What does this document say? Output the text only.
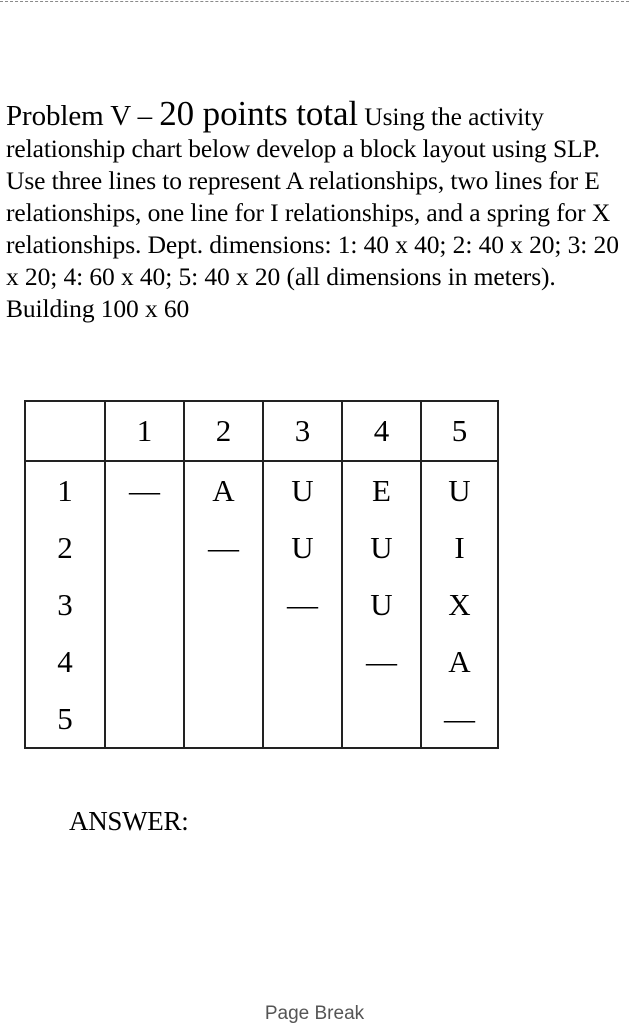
Problem V – 20 points total Using the activity relationship chart below develop a block layout using SLP. Use three lines to represent A relationships, two lines for E relationships, one line for I relationships, and a spring for X relationships. Dept. dimensions: 1: 40 x 40; 2: 40 x 20; 3: 20 x 20; 4: 60 x 40; 5: 40 x 20 (all dimensions in meters). Building 100 x 60
	1	2	3	4	5
1	—	A	U	E	U
2		—	U	U	I
3			—	U	X
4				—	A
5					—
ANSWER:
Page Break
